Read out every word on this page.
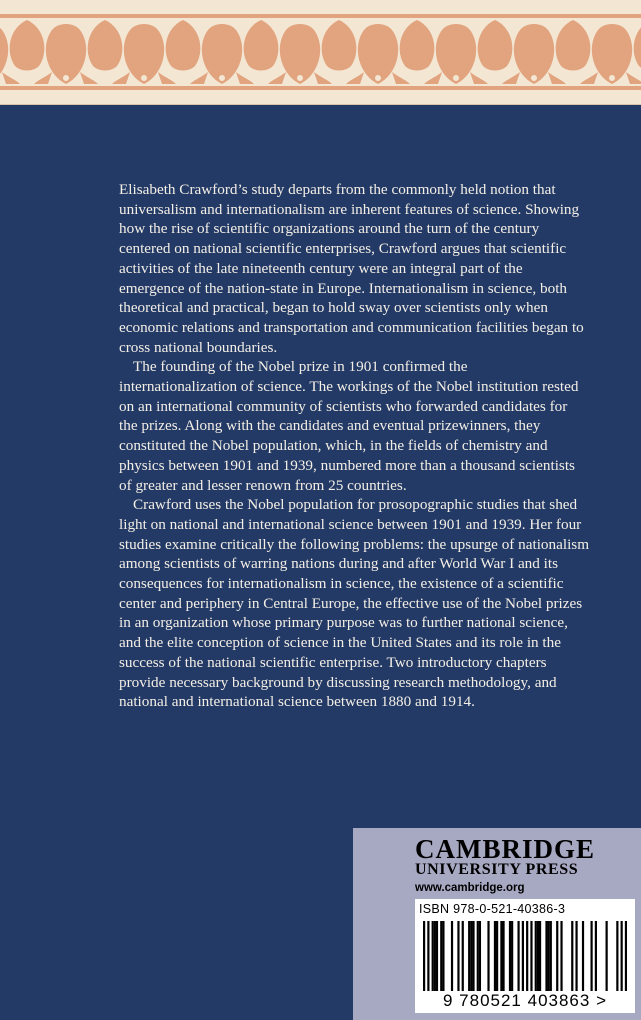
Elisabeth Crawford’s study departs from the commonly held notion that universalism and internationalism are inherent features of science. Showing how the rise of scientific organizations around the turn of the century centered on national scientific enterprises, Crawford argues that scientific activities of the late nineteenth century were an integral part of the emergence of the nation-state in Europe. Internationalism in science, both theoretical and practical, began to hold sway over scientists only when economic relations and transportation and communication facilities began to cross national boundaries.

The founding of the Nobel prize in 1901 confirmed the internationalization of science. The workings of the Nobel institution rested on an international community of scientists who forwarded candidates for the prizes. Along with the candidates and eventual prizewinners, they constituted the Nobel population, which, in the fields of chemistry and physics between 1901 and 1939, numbered more than a thousand scientists of greater and lesser renown from 25 countries.

Crawford uses the Nobel population for prosopographic studies that shed light on national and international science between 1901 and 1939. Her four studies examine critically the following problems: the upsurge of nationalism among scientists of warring nations during and after World War I and its consequences for internationalism in science, the existence of a scientific center and periphery in Central Europe, the effective use of the Nobel prizes in an organization whose primary purpose was to further national science, and the elite conception of science in the United States and its role in the success of the national scientific enterprise. Two introductory chapters provide necessary background by discussing research methodology, and national and international science between 1880 and 1914.

CAMBRIDGE
UNIVERSITY PRESS
www.cambridge.org
ISBN 978-0-521-40386-3
9 780521 403863 >
